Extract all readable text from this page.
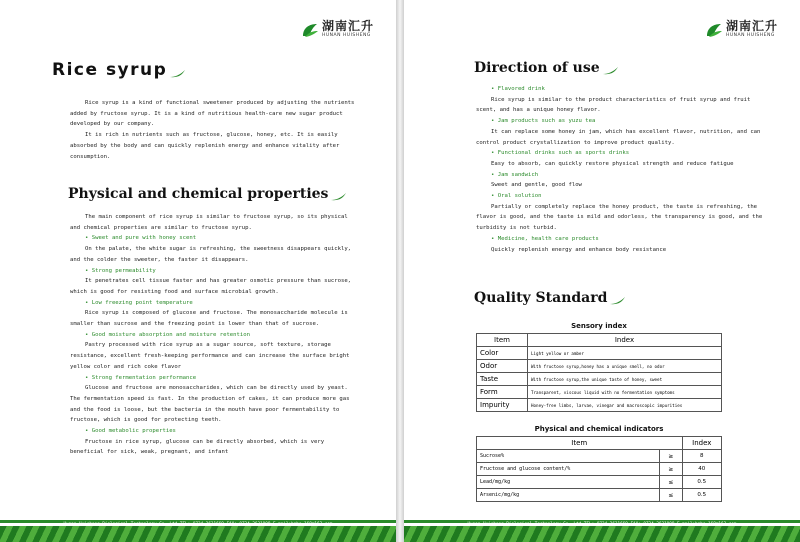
湖南汇升
HUNAN HUISHENG
Rice syrup

Rice syrup is a kind of functional sweetener produced by adjusting the nutrients added by fructose syrup. It is a kind of nutritious health-care new sugar product developed by our company.

It is rich in nutrients such as fructose, glucose, honey, etc. It is easily absorbed by the body and can quickly replenish energy and enhance vitality after consumption.

Physical and chemical properties

The main component of rice syrup is similar to fructose syrup, so its physical and chemical properties are similar to fructose syrup.

• Sweet and pure with honey scent

On the palate, the white sugar is refreshing, the sweetness disappears quickly, and the colder the sweeter, the faster it disappears.

• Strong permeability

It penetrates cell tissue faster and has greater osmotic pressure than sucrose, which is good for resisting food and surface microbial growth.

• Low freezing point temperature

Rice syrup is composed of glucose and fructose. The monosaccharide molecule is smaller than sucrose and the freezing point is lower than that of sucrose.

• Good moisture absorption and moisture retention

Pastry processed with rice syrup as a sugar source, soft texture, storage resistance, excellent fresh-keeping performance and can increase the surface bright yellow color and rich coke flavor

• Strong fermentation performance

Glucose and fructose are monosaccharides, which can be directly used by yeast. The fermentation speed is fast. In the production of cakes, it can produce more gas and the food is loose, but the bacteria in the mouth have poor fermentability to fructose, which is good for protecting teeth.

• Good metabolic properties

Fructose in rice syrup, glucose can be directly absorbed, which is very beneficial for sick, weak, pregnant, and infant

Hunan Huisheng Biological Technology Co.,Ltd TEL: 0734-2631669 FAX: 0734-2631009 E-mail:hnhs_168@163.com
湖南汇升
HUNAN HUISHENG
Direction of use

• Flavored drink

Rice syrup is similar to the product characteristics of fruit syrup and fruit scent, and has a unique honey flavor.

• Jam products such as yuzu tea

It can replace some honey in jam, which has excellent flavor, nutrition, and can control product crystallization to improve product quality.

• Functional drinks such as sports drinks

Easy to absorb, can quickly restore physical strength and reduce fatigue

• Jam sandwich

Sweet and gentle, good flow

• Oral solution

Partially or completely replace the honey product, the taste is refreshing, the flavor is good, and the taste is mild and odorless, the transparency is good, and the turbidity is not turbid.

• Medicine, health care products

Quickly replenish energy and enhance body resistance

Quality Standard
Sensory index
Item	Index
Color	Light yellow or amber
Odor	With fructose syrup,honey has a unique smell, no odor
Taste	With fructose syrup,the unique taste of honey, sweet
Form	Transparent, viscous liquid with no fermentation symptoms
Impurity	Honey-free limbs, larvae, vinegar and macroscopic impurities
Physical and chemical indicators
Item		Index
Sucrose%	≥	8
Fructose and glucose content/%	≥	40
Lead/mg/kg	≤	0.5
Arsenic/mg/kg	≤	0.5
Hunan Huisheng Biological Technology Co.,Ltd TEL: 0734-2631669 FAX: 0734-2631009 E-mail:hnhs_168@163.com
